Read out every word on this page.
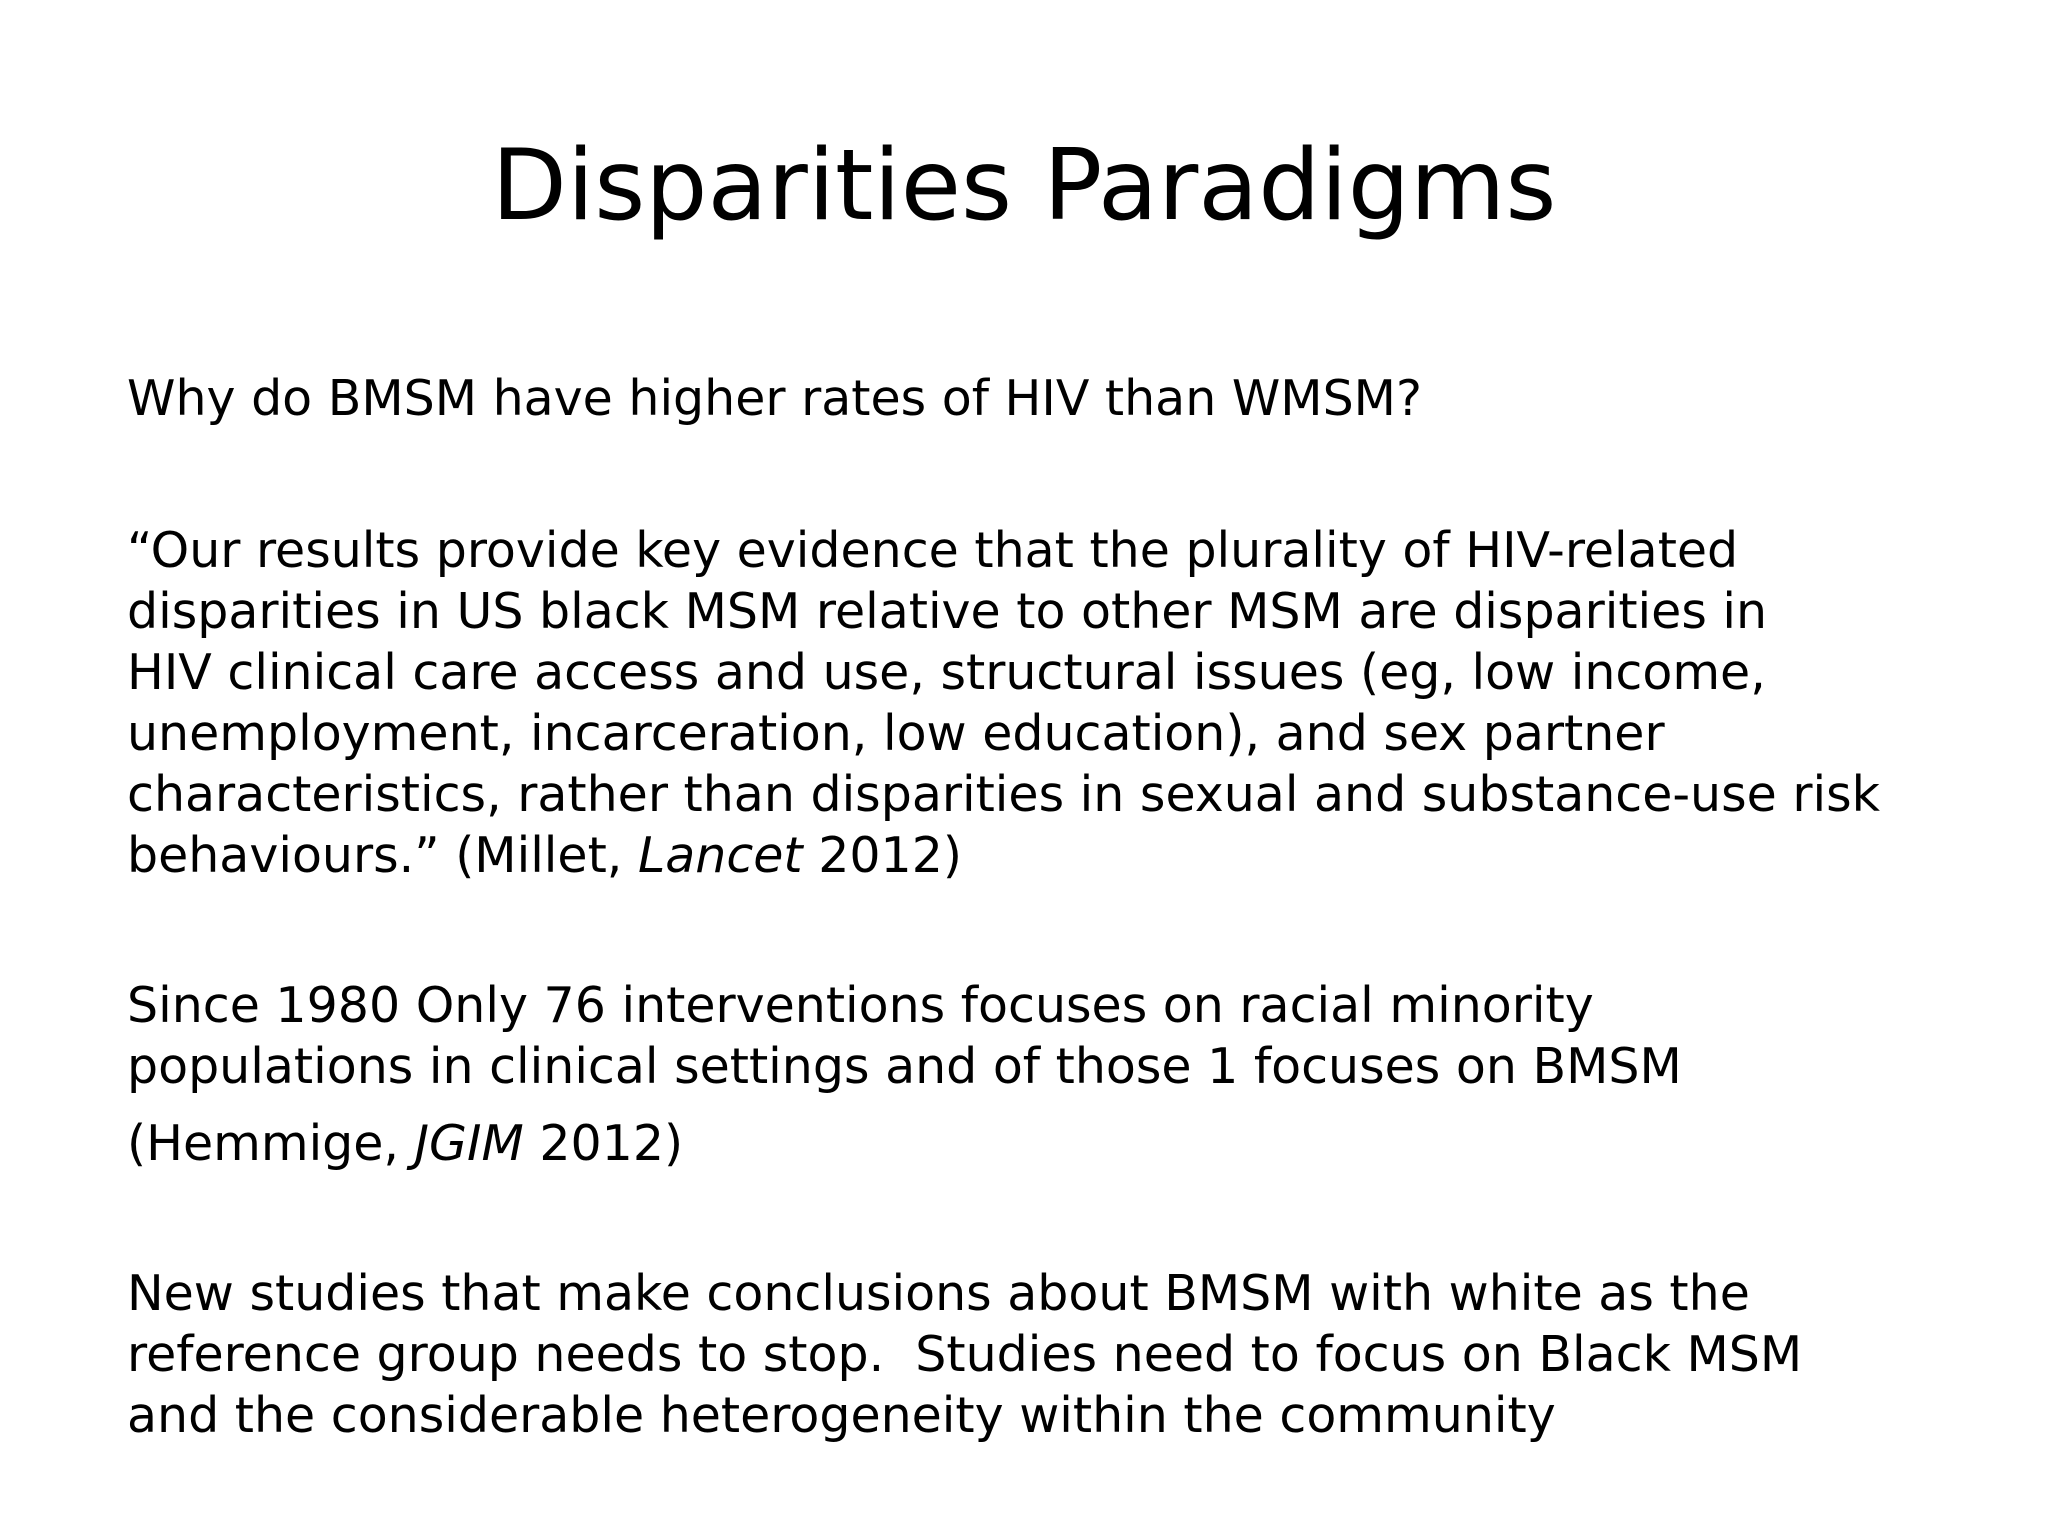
Disparities Paradigms

Why do BMSM have higher rates of HIV than WMSM?

“Our results provide key evidence that the plurality of HIV-related
disparities in US black MSM relative to other MSM are disparities in
HIV clinical care access and use, structural issues (eg, low income,
unemployment, incarceration, low education), and sex partner
characteristics, rather than disparities in sexual and substance-use risk
behaviours.” (Millet, Lancet 2012)

Since 1980 Only 76 interventions focuses on racial minority
populations in clinical settings and of those 1 focuses on BMSM

(Hemmige, JGIM 2012)

New studies that make conclusions about BMSM with white as the
reference group needs to stop.  Studies need to focus on Black MSM
and the considerable heterogeneity within the community
